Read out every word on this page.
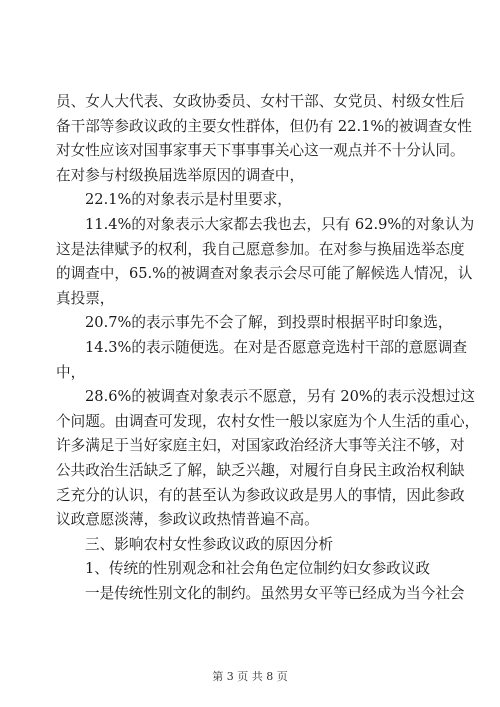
员、女人大代表、女政协委员、女村干部、女党员、村级女性后

备干部等参政议政的主要女性群体，但仍有 22.1%的被调查女性

对女性应该对国事家事天下事事事关心这一观点并不十分认同。

在对参与村级换届选举原因的调查中，

22.1%的对象表示是村里要求，

11.4%的对象表示大家都去我也去，只有 62.9%的对象认为

这是法律赋予的权利，我自己愿意参加。在对参与换届选举态度

的调查中，65.%的被调查对象表示会尽可能了解候选人情况，认

真投票，

20.7%的表示事先不会了解，到投票时根据平时印象选，

14.3%的表示随便选。在对是否愿意竞选村干部的意愿调查

中，

28.6%的被调查对象表示不愿意，另有 20%的表示没想过这

个问题。由调查可发现，农村女性一般以家庭为个人生活的重心，

许多满足于当好家庭主妇，对国家政治经济大事等关注不够，对

公共政治生活缺乏了解，缺乏兴趣，对履行自身民主政治权利缺

乏充分的认识，有的甚至认为参政议政是男人的事情，因此参政

议政意愿淡薄，参政议政热情普遍不高。

三、影响农村女性参政议政的原因分析

1、传统的性别观念和社会角色定位制约妇女参政议政

一是传统性别文化的制约。虽然男女平等已经成为当今社会

第 3 页 共 8 页
